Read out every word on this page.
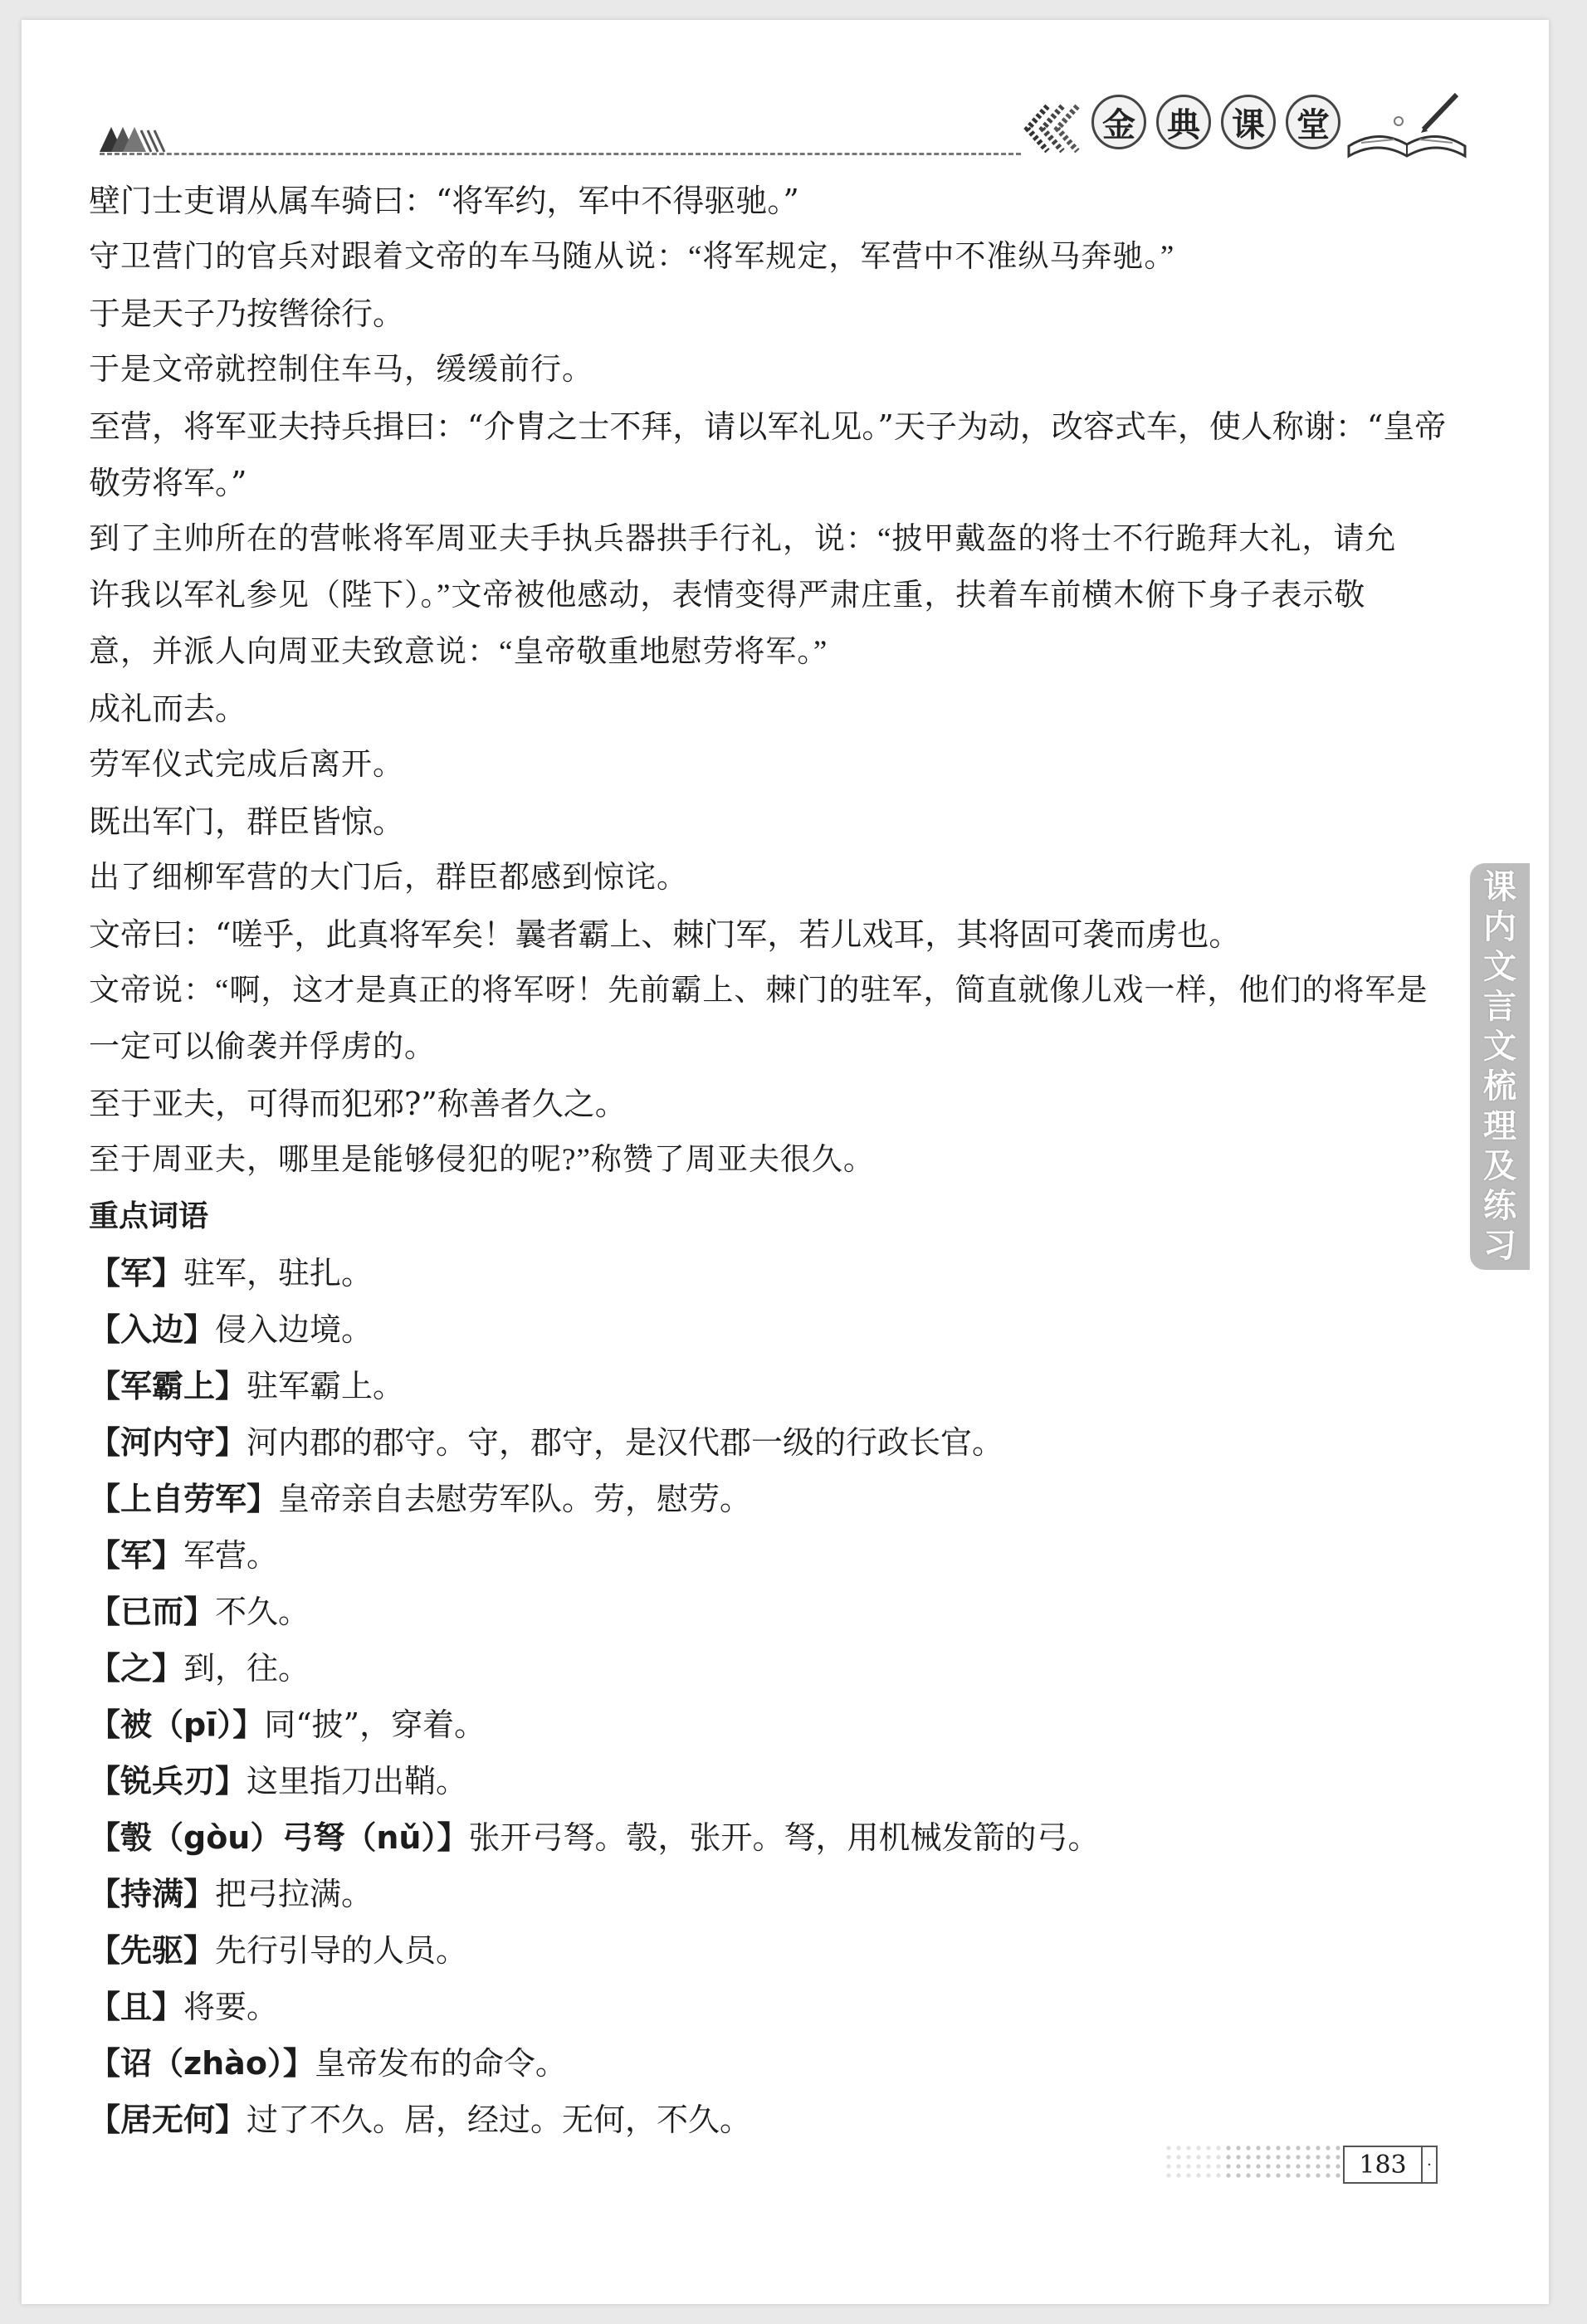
金 典 课 堂
壁门士吏谓从属车骑曰：“将军约，军中不得驱驰。”
守卫营门的官兵对跟着文帝的车马随从说：“将军规定，军营中不准纵马奔驰。”
于是天子乃按辔徐行。
于是文帝就控制住车马，缓缓前行。
至营，将军亚夫持兵揖曰：“介胄之士不拜，请以军礼见。”天子为动，改容式车，使人称谢：“皇帝
敬劳将军。”
到了主帅所在的营帐将军周亚夫手执兵器拱手行礼，说：“披甲戴盔的将士不行跪拜大礼，请允
许我以军礼参见（陛下）。”文帝被他感动，表情变得严肃庄重，扶着车前横木俯下身子表示敬
意，并派人向周亚夫致意说：“皇帝敬重地慰劳将军。”
成礼而去。
劳军仪式完成后离开。
既出军门，群臣皆惊。
出了细柳军营的大门后，群臣都感到惊诧。
文帝曰：“嗟乎，此真将军矣！曩者霸上、棘门军，若儿戏耳，其将固可袭而虏也。
文帝说：“啊，这才是真正的将军呀！先前霸上、棘门的驻军，简直就像儿戏一样，他们的将军是
一定可以偷袭并俘虏的。
至于亚夫，可得而犯邪?”称善者久之。
至于周亚夫，哪里是能够侵犯的呢?”称赞了周亚夫很久。
重点词语
【军】驻军，驻扎。
【入边】侵入边境。
【军霸上】驻军霸上。
【河内守】河内郡的郡守。守，郡守，是汉代郡一级的行政长官。
【上自劳军】皇帝亲自去慰劳军队。劳，慰劳。
【军】军营。
【已而】不久。
【之】到，往。
【被（pī）】同“披”，穿着。
【锐兵刃】这里指刀出鞘。
【彀（gòu）弓弩（nǔ）】张开弓弩。彀，张开。弩，用机械发箭的弓。
【持满】把弓拉满。
【先驱】先行引导的人员。
【且】将要。
【诏（zhào）】皇帝发布的命令。
【居无何】过了不久。居，经过。无何，不久。
课
内
文
言
文
梳
理
及
练
习
183	·
